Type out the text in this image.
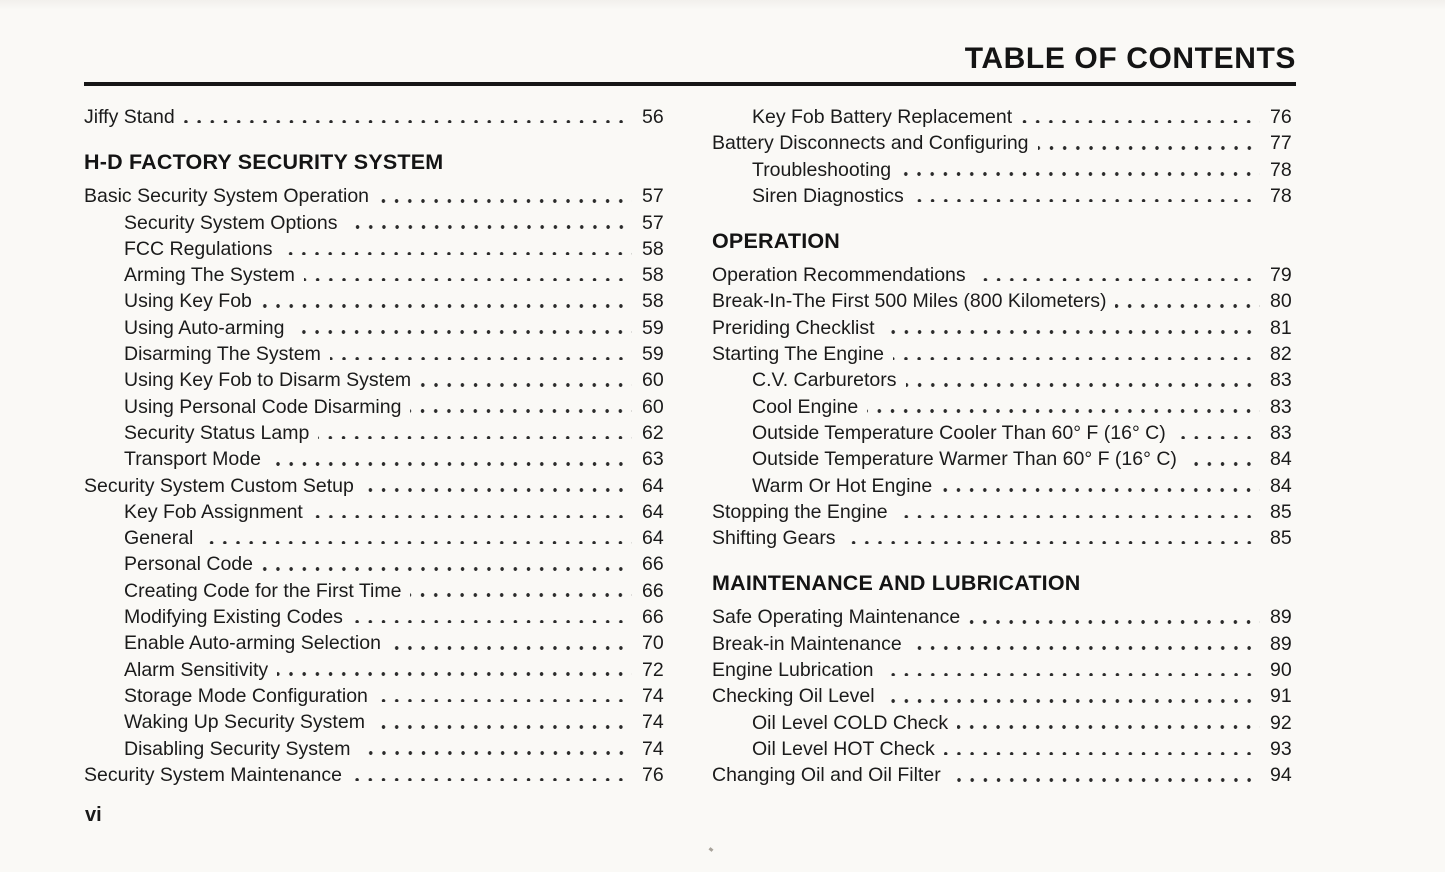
TABLE OF CONTENTS
Jiffy Stand	56
H-D FACTORY SECURITY SYSTEM
Basic Security System Operation	57
Security System Options	57
FCC Regulations	58
Arming The System	58
Using Key Fob	58
Using Auto-arming	59
Disarming The System	59
Using Key Fob to Disarm System	60
Using Personal Code Disarming	60
Security Status Lamp	62
Transport Mode	63
Security System Custom Setup	64
Key Fob Assignment	64
General	64
Personal Code	66
Creating Code for the First Time	66
Modifying Existing Codes	66
Enable Auto-arming Selection	70
Alarm Sensitivity	72
Storage Mode Configuration	74
Waking Up Security System	74
Disabling Security System	74
Security System Maintenance	76
Key Fob Battery Replacement	76
Battery Disconnects and Configuring	77
Troubleshooting	78
Siren Diagnostics	78
OPERATION
Operation Recommendations	79
Break-In-The First 500 Miles (800 Kilometers)	80
Preriding Checklist	81
Starting The Engine	82
C.V. Carburetors	83
Cool Engine	83
Outside Temperature Cooler Than 60° F (16° C)	83
Outside Temperature Warmer Than 60° F (16° C)	84
Warm Or Hot Engine	84
Stopping the Engine	85
Shifting Gears	85
MAINTENANCE AND LUBRICATION
Safe Operating Maintenance	89
Break-in Maintenance	89
Engine Lubrication	90
Checking Oil Level	91
Oil Level COLD Check	92
Oil Level HOT Check	93
Changing Oil and Oil Filter	94
vi
